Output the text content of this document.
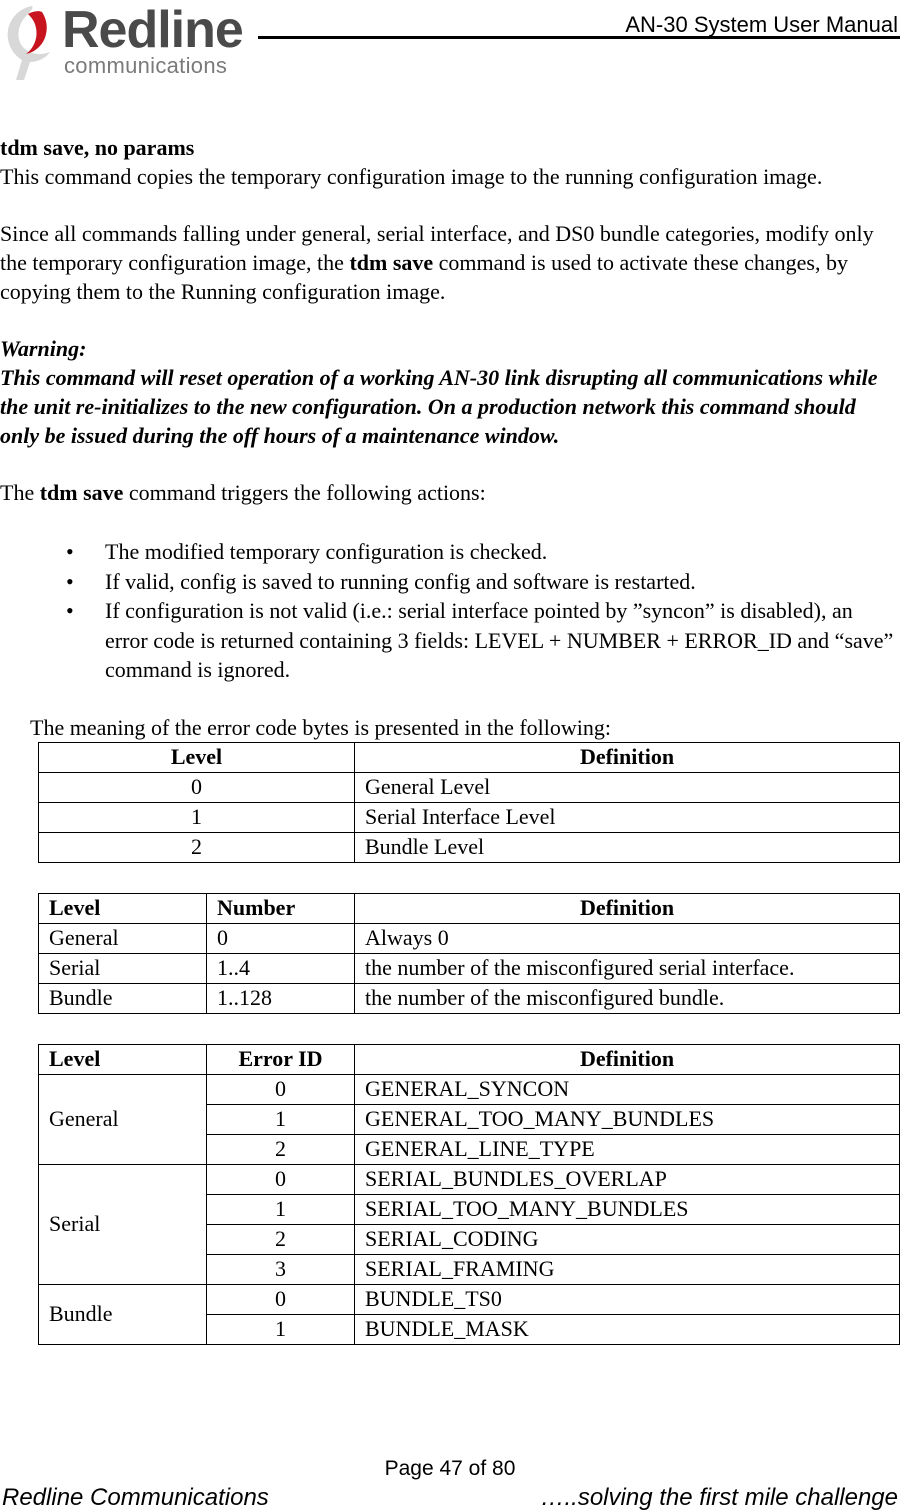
Redline
communications
AN-30 System User Manual

tdm save, no params

This command copies the temporary configuration image to the running configuration image.

Since all commands falling under general, serial interface, and DS0 bundle categories, modify only the temporary configuration image, the tdm save command is used to activate these changes, by copying them to the Running configuration image.

Warning:

This command will reset operation of a working AN-30 link disrupting all communications while the unit re-initializes to the new configuration. On a production network this command should only be issued during the off hours of a maintenance window.

The tdm save command triggers the following actions:

• The modified temporary configuration is checked.
• If valid, config is saved to running config and software is restarted.
• If configuration is not valid (i.e.: serial interface pointed by ”syncon” is disabled), an error code is returned containing 3 fields: LEVEL + NUMBER + ERROR_ID and “save” command is ignored.

The meaning of the error code bytes is presented in the following:

Level	Definition
0	General Level
1	Serial Interface Level
2	Bundle Level
Level	Number	Definition
General	0	Always 0
Serial	1..4	the number of the misconfigured serial interface.
Bundle	1..128	the number of the misconfigured bundle.
Level	Error ID	Definition
General	0	GENERAL_SYNCON
	1	GENERAL_TOO_MANY_BUNDLES
	2	GENERAL_LINE_TYPE
Serial	0	SERIAL_BUNDLES_OVERLAP
	1	SERIAL_TOO_MANY_BUNDLES
	2	SERIAL_CODING
	3	SERIAL_FRAMING
Bundle	0	BUNDLE_TS0
	1	BUNDLE_MASK
Page 47 of 80
Redline Communications	…..solving the first mile challenge
